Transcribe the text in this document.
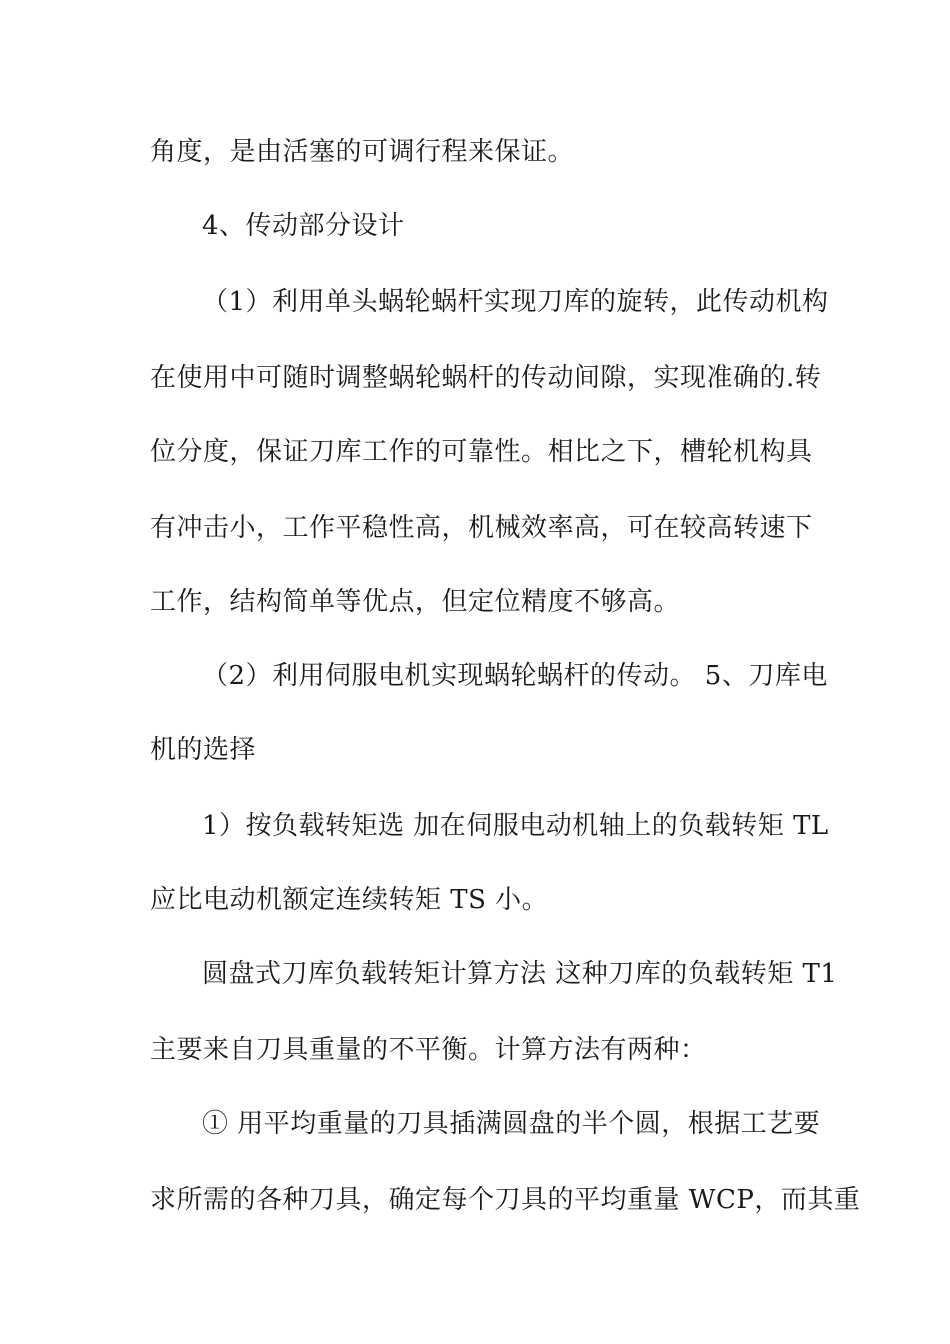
角度，是由活塞的可调行程来保证。
4、传动部分设计
（1）利用单头蜗轮蜗杆实现刀库的旋转，此传动机构
在使用中可随时调整蜗轮蜗杆的传动间隙，实现准确的.转
位分度，保证刀库工作的可靠性。相比之下，槽轮机构具
有冲击小，工作平稳性高，机械效率高，可在较高转速下
工作，结构简单等优点，但定位精度不够高。
（2）利用伺服电机实现蜗轮蜗杆的传动。 5、刀库电
机的选择
1）按负载转矩选 加在伺服电动机轴上的负载转矩 TL
应比电动机额定连续转矩 TS 小。
圆盘式刀库负载转矩计算方法 这种刀库的负载转矩 T1
主要来自刀具重量的不平衡。计算方法有两种：
① 用平均重量的刀具插满圆盘的半个圆，根据工艺要
求所需的各种刀具，确定每个刀具的平均重量 WCP，而其重
